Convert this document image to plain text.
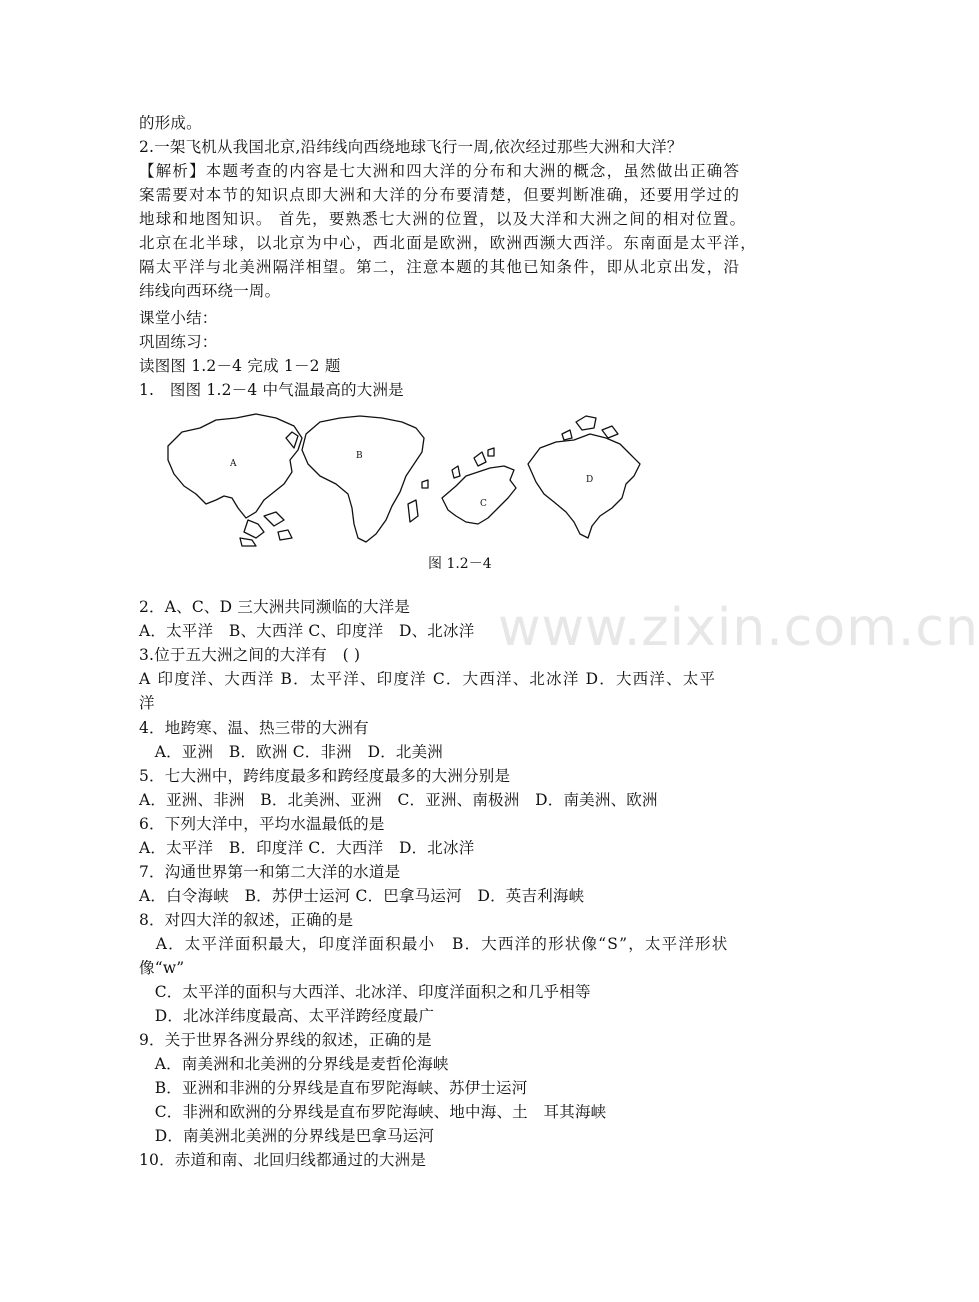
www.zixin.com.cn
的形成。
2.一架飞机从我国北京,沿纬线向西绕地球飞行一周,依次经过那些大洲和大洋？
【解析】本题考查的内容是七大洲和四大洋的分布和大洲的概念，虽然做出正确答
案需要对本节的知识点即大洲和大洋的分布要清楚，但要判断准确，还要用学过的
地球和地图知识。 首先，要熟悉七大洲的位置，以及大洋和大洲之间的相对位置。
北京在北半球，以北京为中心，西北面是欧洲，欧洲西濒大西洋。东南面是太平洋，
隔太平洋与北美洲隔洋相望。第二，注意本题的其他已知条件，即从北京出发，沿
纬线向西环绕一周。
课堂小结：
巩固练习：
读图图 1.2－4 完成 1－2 题
1.　图图 1.2－4 中气温最高的大洲是
A
B
C
D
图 1.2－4
2．A、C、D 三大洲共同濒临的大洋是
A．太平洋　B、大西洋 C、印度洋　D、北冰洋
3.位于五大洲之间的大洋有　( )
A 印度洋、大西洋 B．太平洋、印度洋 C．大西洋、北冰洋 D．大西洋、太平
洋
4．地跨寒、温、热三带的大洲有
　A．亚洲　B．欧洲 C．非洲　D．北美洲
5．七大洲中，跨纬度最多和跨经度最多的大洲分别是
A．亚洲、非洲　B．北美洲、亚洲　C．亚洲、南极洲　D．南美洲、欧洲
6．下列大洋中，平均水温最低的是
A．太平洋　B．印度洋 C．大西洋　D．北冰洋
7．沟通世界第一和第二大洋的水道是
A．白令海峡　B．苏伊士运河 C．巴拿马运河　D．英吉利海峡
8．对四大洋的叙述，正确的是
　A．太平洋面积最大，印度洋面积最小　B．大西洋的形状像“S”，太平洋形状
像“w”
　C．太平洋的面积与大西洋、北冰洋、印度洋面积之和几乎相等
　D．北冰洋纬度最高、太平洋跨经度最广
9．关于世界各洲分界线的叙述，正确的是
　A．南美洲和北美洲的分界线是麦哲伦海峡
　B．亚洲和非洲的分界线是直布罗陀海峡、苏伊士运河
　C．非洲和欧洲的分界线是直布罗陀海峡、地中海、土　耳其海峡
　D．南美洲北美洲的分界线是巴拿马运河
10．赤道和南、北回归线都通过的大洲是
